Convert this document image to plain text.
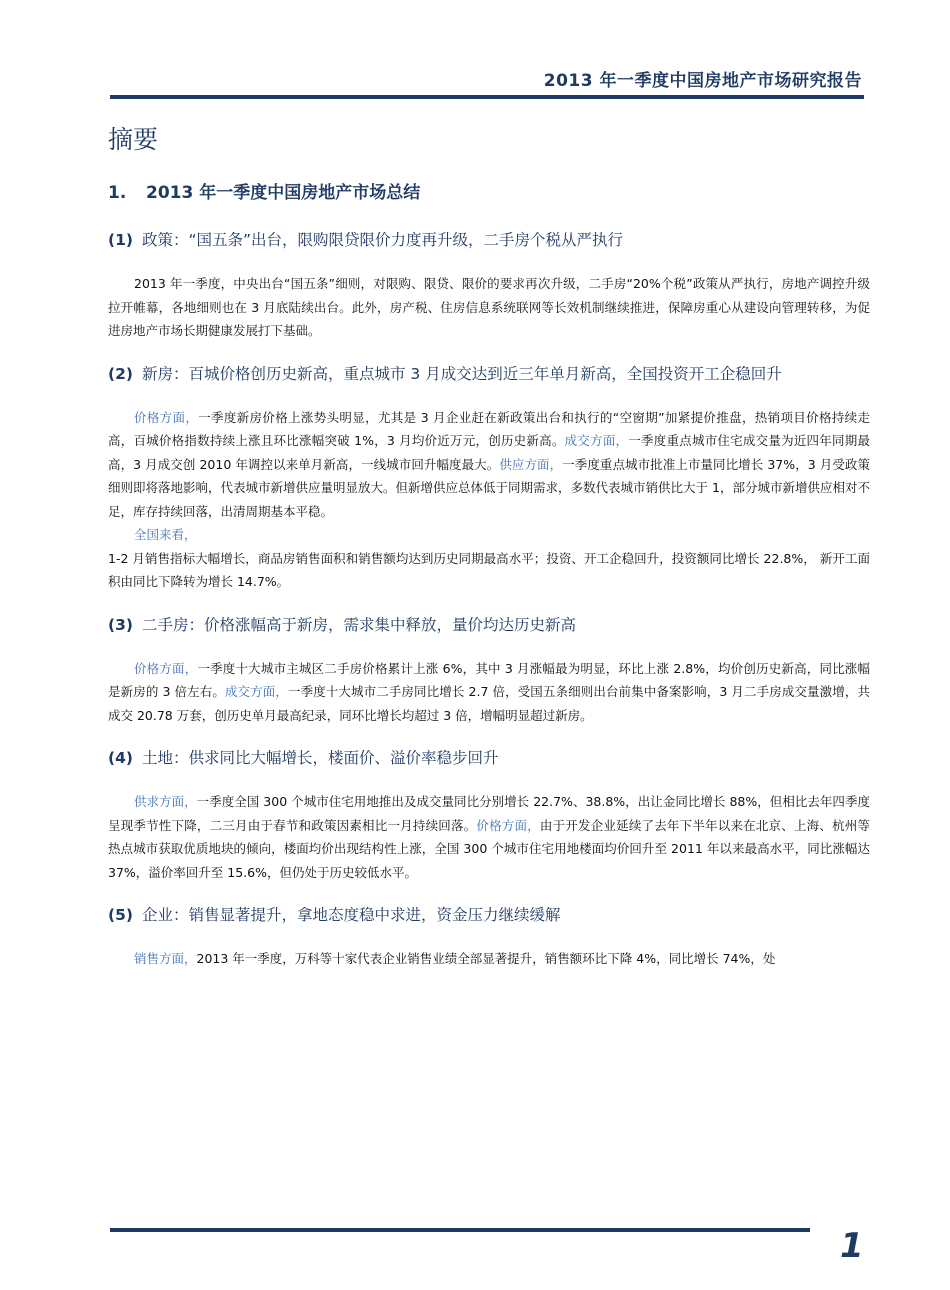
2013 年一季度中国房地产市场研究报告
摘要
1. 2013 年一季度中国房地产市场总结
(1) 政策：“国五条”出台，限购限贷限价力度再升级，二手房个税从严执行

2013 年一季度，中央出台“国五条”细则，对限购、限贷、限价的要求再次升级，二手房“20%个税”政策从严执行，房地产调控升级拉开帷幕，各地细则也在 3 月底陆续出台。此外，房产税、住房信息系统联网等长效机制继续推进，保障房重心从建设向管理转移，为促进房地产市场长期健康发展打下基础。

(2) 新房：百城价格创历史新高，重点城市 3 月成交达到近三年单月新高，全国投资开工企稳回升

价格方面，一季度新房价格上涨势头明显，尤其是 3 月企业赶在新政策出台和执行的“空窗期”加紧提价推盘，热销项目价格持续走高，百城价格指数持续上涨且环比涨幅突破 1%，3 月均价近万元，创历史新高。成交方面，一季度重点城市住宅成交量为近四年同期最高，3 月成交创 2010 年调控以来单月新高，一线城市回升幅度最大。供应方面，一季度重点城市批准上市量同比增长 37%，3 月受政策细则即将落地影响，代表城市新增供应量明显放大。但新增供应总体低于同期需求，多数代表城市销供比大于 1，部分城市新增供应相对不足，库存持续回落，出清周期基本平稳。
全国来看，
1-2 月销售指标大幅增长，商品房销售面积和销售额均达到历史同期最高水平；投资、开工企稳回升，投资额同比增长 22.8%， 新开工面积由同比下降转为增长 14.7%。

(3) 二手房：价格涨幅高于新房，需求集中释放，量价均达历史新高

价格方面，一季度十大城市主城区二手房价格累计上涨 6%，其中 3 月涨幅最为明显，环比上涨 2.8%，均价创历史新高，同比涨幅是新房的 3 倍左右。成交方面，一季度十大城市二手房同比增长 2.7 倍，受国五条细则出台前集中备案影响，3 月二手房成交量激增，共成交 20.78 万套，创历史单月最高纪录，同环比增长均超过 3 倍，增幅明显超过新房。

(4) 土地：供求同比大幅增长，楼面价、溢价率稳步回升

供求方面，一季度全国 300 个城市住宅用地推出及成交量同比分别增长 22.7%、38.8%，出让金同比增长 88%，但相比去年四季度呈现季节性下降，二三月由于春节和政策因素相比一月持续回落。价格方面，由于开发企业延续了去年下半年以来在北京、上海、杭州等热点城市获取优质地块的倾向，楼面均价出现结构性上涨，全国 300 个城市住宅用地楼面均价回升至 2011 年以来最高水平，同比涨幅达 37%，溢价率回升至 15.6%，但仍处于历史较低水平。

(5) 企业：销售显著提升，拿地态度稳中求进，资金压力继续缓解

销售方面，2013 年一季度，万科等十家代表企业销售业绩全部显著提升，销售额环比下降 4%，同比增长 74%，处

1
